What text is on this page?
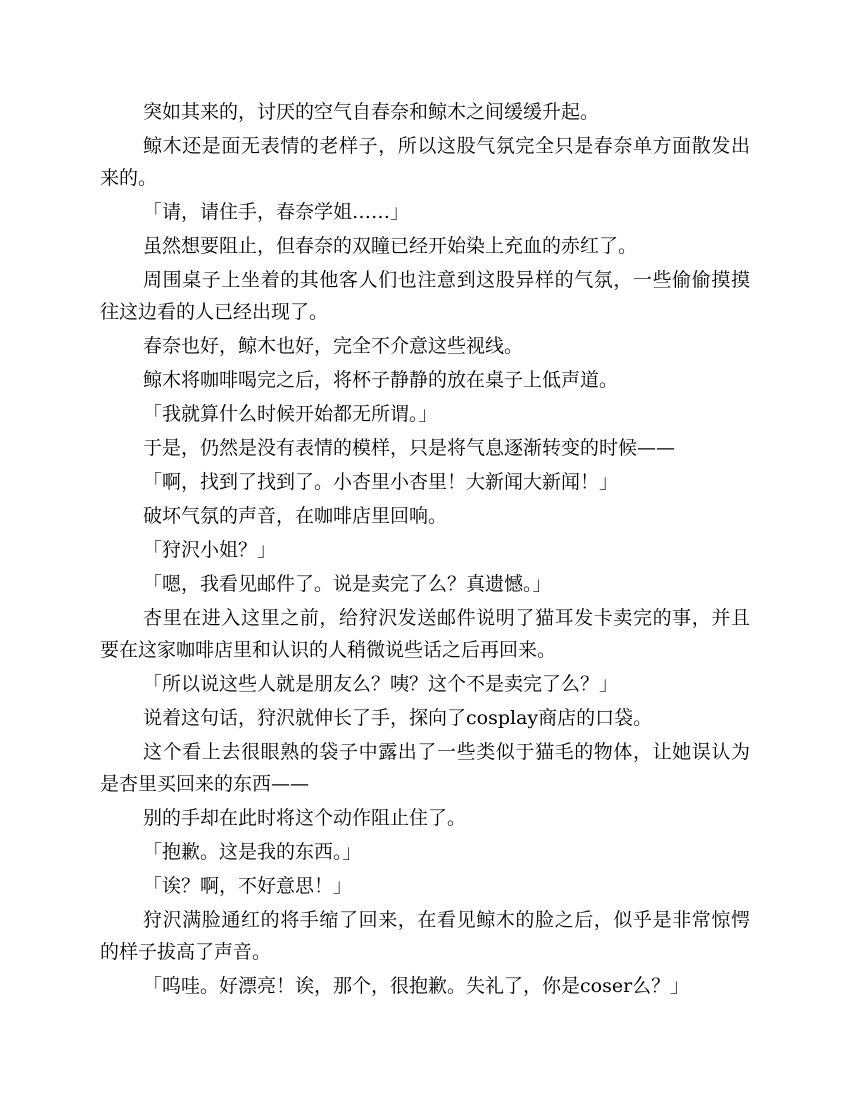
突如其来的，讨厌的空气自春奈和鲸木之间缓缓升起。

鲸木还是面无表情的老样子，所以这股气氛完全只是春奈单方面散发出来的。

「请，请住手，春奈学姐……」

虽然想要阻止，但春奈的双瞳已经开始染上充血的赤红了。

周围桌子上坐着的其他客人们也注意到这股异样的气氛，一些偷偷摸摸往这边看的人已经出现了。

春奈也好，鲸木也好，完全不介意这些视线。

鲸木将咖啡喝完之后，将杯子静静的放在桌子上低声道。

「我就算什么时候开始都无所谓。」

于是，仍然是没有表情的模样，只是将气息逐渐转变的时候——

「啊，找到了找到了。小杏里小杏里！大新闻大新闻！」

破坏气氛的声音，在咖啡店里回响。

「狩沢小姐？」

「嗯，我看见邮件了。说是卖完了么？真遗憾。」

杏里在进入这里之前，给狩沢发送邮件说明了猫耳发卡卖完的事，并且要在这家咖啡店里和认识的人稍微说些话之后再回来。

「所以说这些人就是朋友么？咦？这个不是卖完了么？」

说着这句话，狩沢就伸长了手，探向了cosplay商店的口袋。

这个看上去很眼熟的袋子中露出了一些类似于猫毛的物体，让她误认为是杏里买回来的东西——

别的手却在此时将这个动作阻止住了。

「抱歉。这是我的东西。」

「诶？啊，不好意思！」

狩沢满脸通红的将手缩了回来，在看见鲸木的脸之后，似乎是非常惊愕的样子拔高了声音。

「呜哇。好漂亮！诶，那个，很抱歉。失礼了，你是coser么？」
